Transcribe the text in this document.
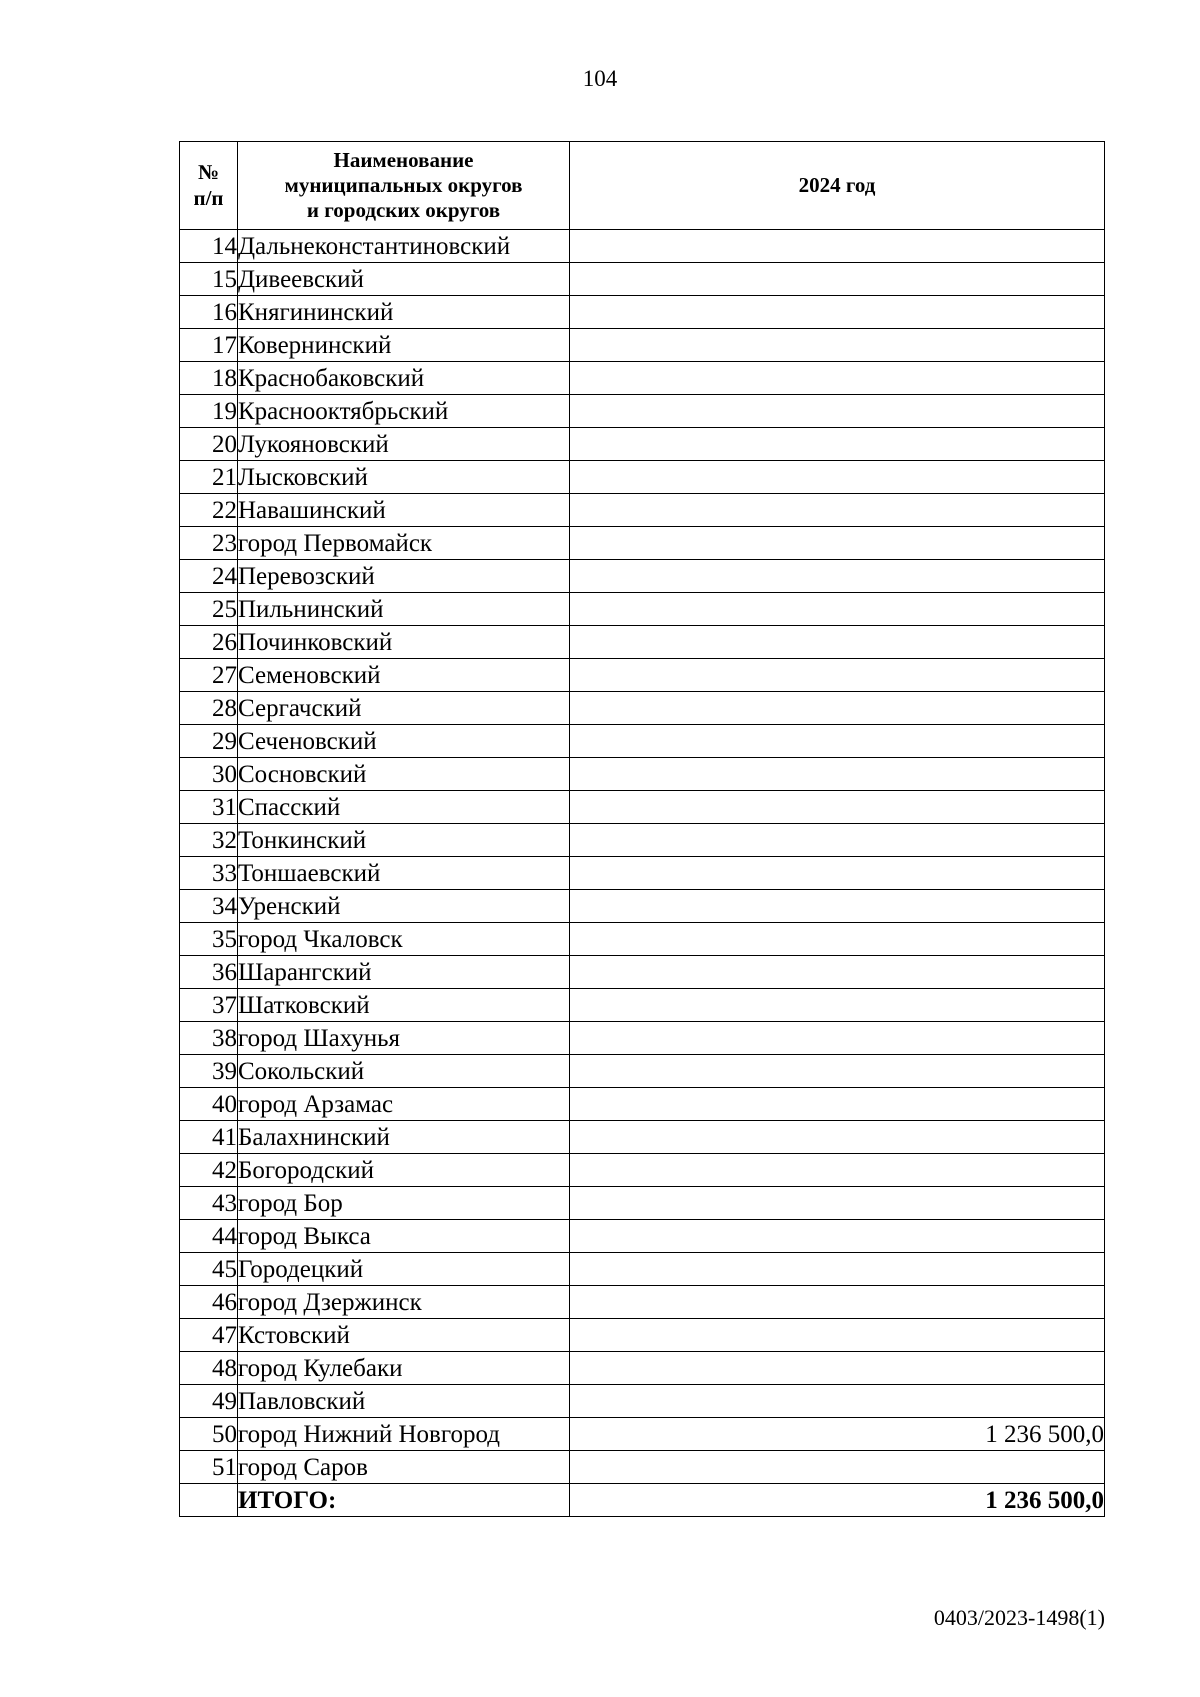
104
№
п/п	Наименование
муниципальных округов
и городских округов	2024 год
14	Дальнеконстантиновский	
15	Дивеевский	
16	Княгининский	
17	Ковернинский	
18	Краснобаковский	
19	Краснооктябрьский	
20	Лукояновский	
21	Лысковский	
22	Навашинский	
23	город Первомайск	
24	Перевозский	
25	Пильнинский	
26	Починковский	
27	Семеновский	
28	Сергачский	
29	Сеченовский	
30	Сосновский	
31	Спасский	
32	Тонкинский	
33	Тоншаевский	
34	Уренский	
35	город Чкаловск	
36	Шарангский	
37	Шатковский	
38	город Шахунья	
39	Сокольский	
40	город Арзамас	
41	Балахнинский	
42	Богородский	
43	город Бор	
44	город Выкса	
45	Городецкий	
46	город Дзержинск	
47	Кстовский	
48	город Кулебаки	
49	Павловский	
50	город Нижний Новгород	1 236 500,0
51	город Саров	
	ИТОГО:	1 236 500,0
0403/2023-1498(1)
